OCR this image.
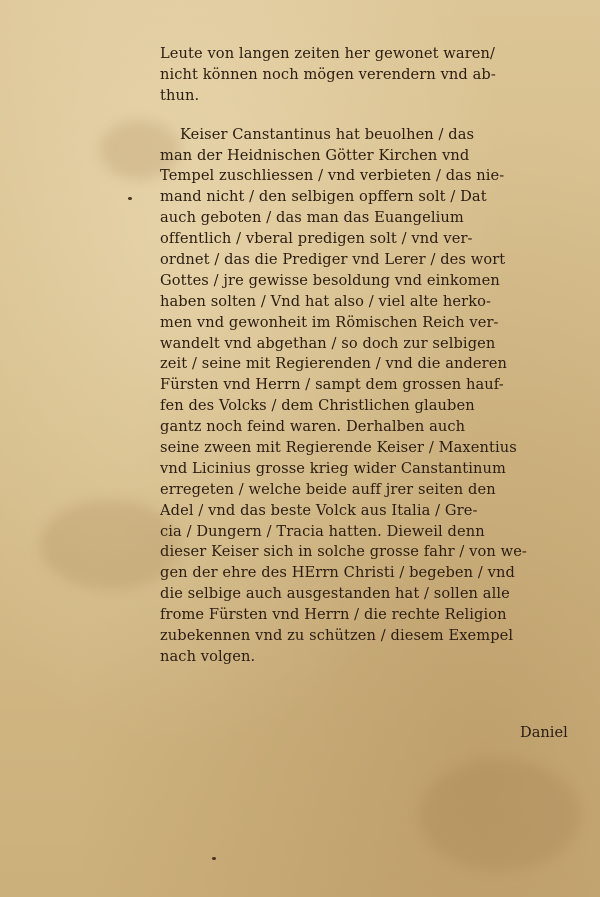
Leute von langen zeiten her gewonet waren/
nicht können noch mögen verendern vnd ab-
thun.
Keiser Canstantinus hat beuolhen / das
man der Heidnischen Götter Kirchen vnd
Tempel zuschliessen / vnd verbieten / das nie-
mand nicht / den selbigen opffern solt / Dat
auch geboten / das man das Euangelium
offentlich / vberal predigen solt / vnd ver-
ordnet / das die Prediger vnd Lerer / des wort
Gottes / jre gewisse besoldung vnd einkomen
haben solten / Vnd hat also / viel alte herko-
men vnd gewonheit im Römischen Reich ver-
wandelt vnd abgethan / so doch zur selbigen
zeit / seine mit Regierenden / vnd die anderen
Fürsten vnd Herrn / sampt dem grossen hauf-
fen des Volcks / dem Christlichen glauben
gantz noch feind waren. Derhalben auch
seine zween mit Regierende Keiser / Maxentius
vnd Licinius grosse krieg wider Canstantinum
erregeten / welche beide auff jrer seiten den
Adel / vnd das beste Volck aus Italia / Gre-
cia / Dungern / Tracia hatten. Dieweil denn
dieser Keiser sich in solche grosse fahr / von we-
gen der ehre des HErrn Christi / begeben / vnd
die selbige auch ausgestanden hat / sollen alle
frome Fürsten vnd Herrn / die rechte Religion
zubekennen vnd zu schützen / diesem Exempel
nach volgen.
Daniel
